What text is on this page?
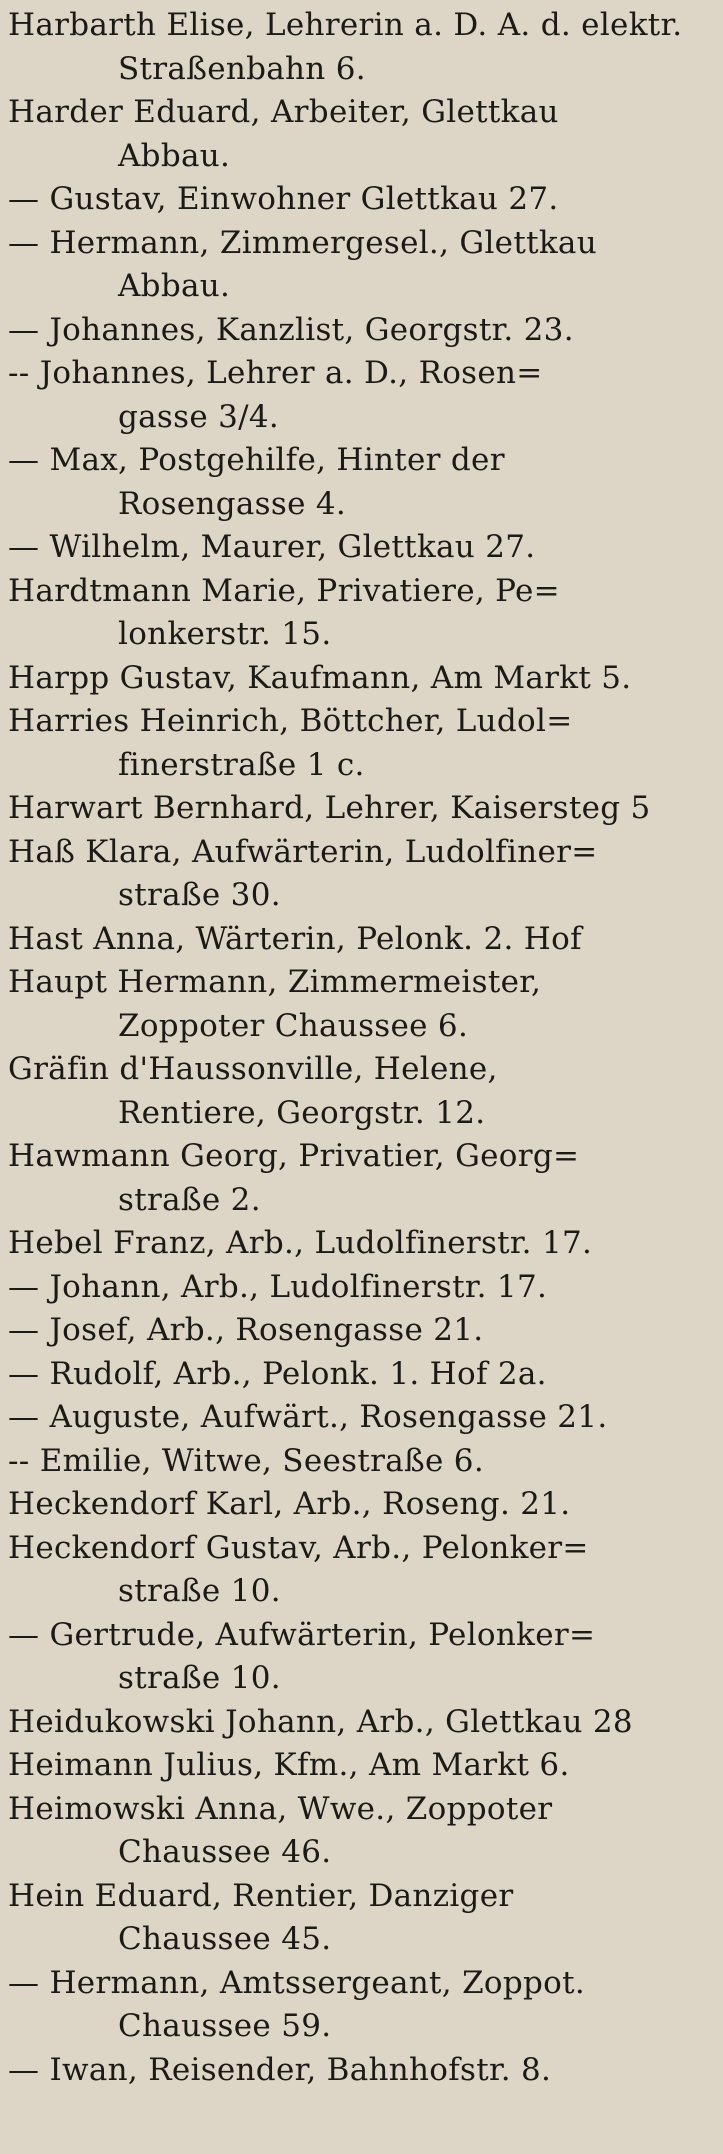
Harbarth Elise, Lehrerin a. D. A. d. elektr.
Straßenbahn 6.
Harder Eduard, Arbeiter, Glettkau
Abbau.
— Gustav, Einwohner Glettkau 27.
— Hermann, Zimmergesel., Glettkau
Abbau.
— Johannes, Kanzlist, Georgstr. 23.
-- Johannes, Lehrer a. D., Rosen=
gasse 3/4.
— Max, Postgehilfe, Hinter der
Rosengasse 4.
— Wilhelm, Maurer, Glettkau 27.
Hardtmann Marie, Privatiere, Pe=
lonkerstr. 15.
Harpp Gustav, Kaufmann, Am Markt 5.
Harries Heinrich, Böttcher, Ludol=
finerstraße 1 c.
Harwart Bernhard, Lehrer, Kaisersteg 5
Haß Klara, Aufwärterin, Ludolfiner=
straße 30.
Hast Anna, Wärterin, Pelonk. 2. Hof
Haupt Hermann, Zimmermeister,
Zoppoter Chaussee 6.
Gräfin d'Haussonville, Helene,
Rentiere, Georgstr. 12.
Hawmann Georg, Privatier, Georg=
straße 2.
Hebel Franz, Arb., Ludolfinerstr. 17.
— Johann, Arb., Ludolfinerstr. 17.
— Josef, Arb., Rosengasse 21.
— Rudolf, Arb., Pelonk. 1. Hof 2a.
— Auguste, Aufwärt., Rosengasse 21.
-- Emilie, Witwe, Seestraße 6.
Heckendorf Karl, Arb., Roseng. 21.
Heckendorf Gustav, Arb., Pelonker=
straße 10.
— Gertrude, Aufwärterin, Pelonker=
straße 10.
Heidukowski Johann, Arb., Glettkau 28
Heimann Julius, Kfm., Am Markt 6.
Heimowski Anna, Wwe., Zoppoter
Chaussee 46.
Hein Eduard, Rentier, Danziger
Chaussee 45.
— Hermann, Amtssergeant, Zoppot.
Chaussee 59.
— Iwan, Reisender, Bahnhofstr. 8.
